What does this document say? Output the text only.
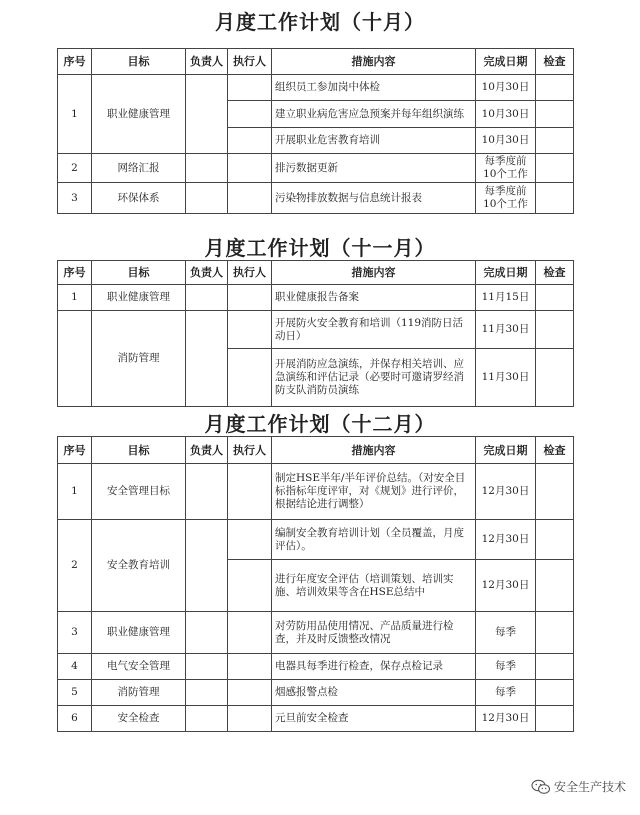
月度工作计划（十月）
序号	目标	负责人	执行人	措施内容	完成日期	检查
1	职业健康管理			组织员工参加岗中体检	10月30日	
				建立职业病危害应急预案并每年组织演练	10月30日	
				开展职业危害教育培训	10月30日	
2	网络汇报			排污数据更新	每季度前10个工作	
3	环保体系			污染物排放数据与信息统计报表	每季度前10个工作	
月度工作计划（十一月）
序号	目标	负责人	执行人	措施内容	完成日期	检查
1	职业健康管理			职业健康报告备案	11月15日	
	消防管理			开展防火安全教育和培训（119消防日活动日）	11月30日	
				开展消防应急演练，并保存相关培训、应急演练和评估记录（必要时可邀请罗经消防支队消防员演练	11月30日	
月度工作计划（十二月）
序号	目标	负责人	执行人	措施内容	完成日期	检查
1	安全管理目标			制定HSE半年/半年评价总结。（对安全目标指标年度评审，对《规划》进行评价，根据结论进行调整）	12月30日	
2	安全教育培训			编制安全教育培训计划（全员覆盖，月度评估）。	12月30日	
				进行年度安全评估（培训策划、培训实施、培训效果等含在HSE总结中	12月30日	
3	职业健康管理			对劳防用品使用情况、产品质量进行检查，并及时反馈整改情况	每季	
4	电气安全管理			电器具每季进行检查，保存点检记录	每季	
5	消防管理			烟感报警点检	每季	
6	安全检查			元旦前安全检查	12月30日	
安全生产技术
